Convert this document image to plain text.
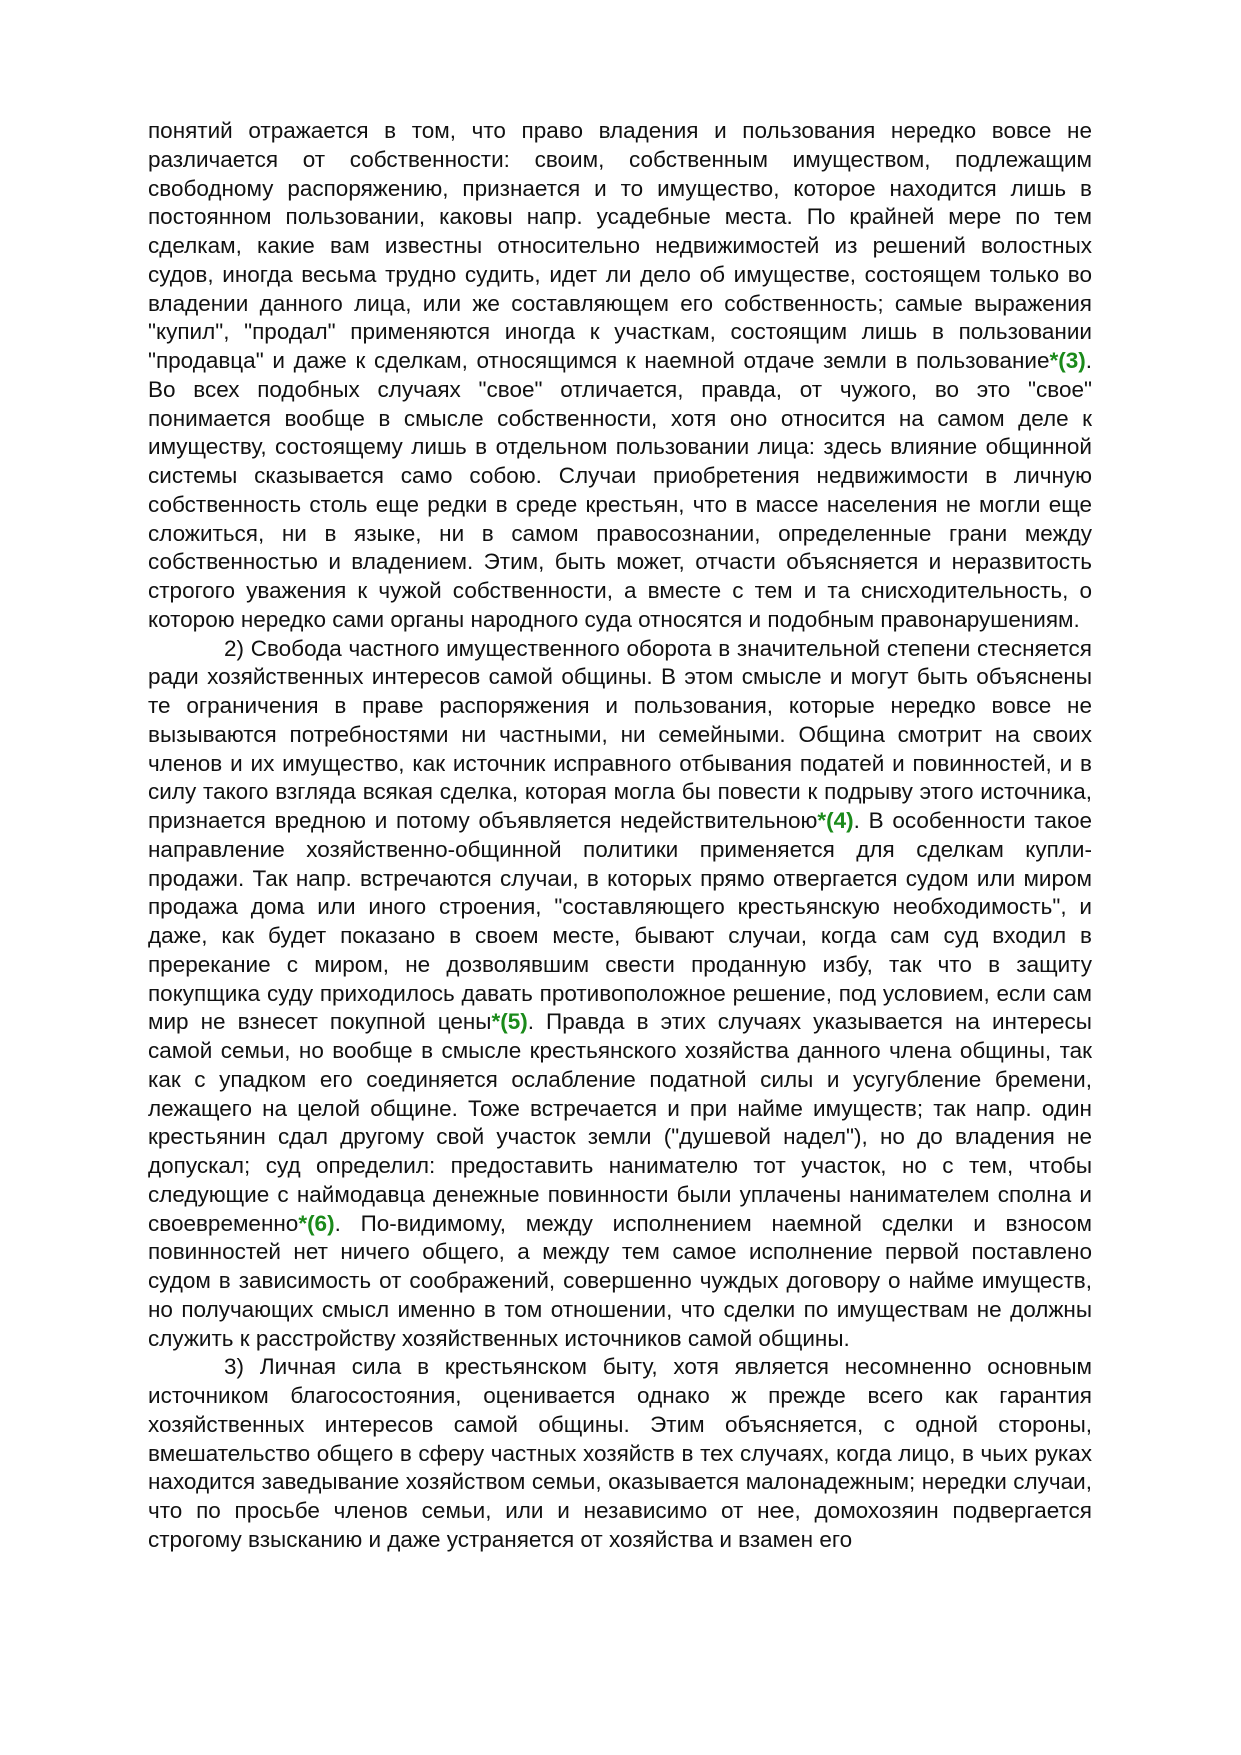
понятий отражается в том, что право владения и пользования нередко вовсе не различается от собственности: своим, собственным имуществом, подлежащим свободному распоряжению, признается и то имущество, которое находится лишь в постоянном пользовании, каковы напр. усадебные места. По крайней мере по тем сделкам, какие вам известны относительно недвижимостей из решений волостных судов, иногда весьма трудно судить, идет ли дело об имуществе, состоящем только во владении данного лица, или же составляющем его собственность; самые выражения "купил", "продал" применяются иногда к участкам, состоящим лишь в пользовании "продавца" и даже к сделкам, относящимся к наемной отдаче земли в пользование*(3). Во всех подобных случаях "свое" отличается, правда, от чужого, во это "свое" понимается вообще в смысле собственности, хотя оно относится на самом деле к имуществу, состоящему лишь в отдельном пользовании лица: здесь влияние общинной системы сказывается само собою. Случаи приобретения недвижимости в личную собственность столь еще редки в среде крестьян, что в массе населения не могли еще сложиться, ни в языке, ни в самом правосознании, определенные грани между собственностью и владением. Этим, быть может, отчасти объясняется и неразвитость строгого уважения к чужой собственности, а вместе с тем и та снисходительность, о которою нередко сами органы народного суда относятся и подобным правонарушениям.

2) Свобода частного имущественного оборота в значительной степени стесняется ради хозяйственных интересов самой общины. В этом смысле и могут быть объяснены те ограничения в праве распоряжения и пользования, которые нередко вовсе не вызываются потребностями ни частными, ни семейными. Община смотрит на своих членов и их имущество, как источник исправного отбывания податей и повинностей, и в силу такого взгляда всякая сделка, которая могла бы повести к подрыву этого источника, признается вредною и потому объявляется недействительною*(4). В особенности такое направление хозяйственно-общинной политики применяется для сделкам купли-продажи. Так напр. встречаются случаи, в которых прямо отвергается судом или миром продажа дома или иного строения, "составляющего крестьянскую необходимость", и даже, как будет показано в своем месте, бывают случаи, когда сам суд входил в пререкание с миром, не дозволявшим свести проданную избу, так что в защиту покупщика суду приходилось давать противоположное решение, под условием, если сам мир не взнесет покупной цены*(5). Правда в этих случаях указывается на интересы самой семьи, но вообще в смысле крестьянского хозяйства данного члена общины, так как с упадком его соединяется ослабление податной силы и усугубление бремени, лежащего на целой общине. Тоже встречается и при найме имуществ; так напр. один крестьянин сдал другому свой участок земли ("душевой надел"), но до владения не допускал; суд определил: предоставить нанимателю тот участок, но с тем, чтобы следующие с наймодавца денежные повинности были уплачены нанимателем сполна и своевременно*(6). По-видимому, между исполнением наемной сделки и взносом повинностей нет ничего общего, а между тем самое исполнение первой поставлено судом в зависимость от соображений, совершенно чуждых договору о найме имуществ, но получающих смысл именно в том отношении, что сделки по имуществам не должны служить к расстройству хозяйственных источников самой общины.

3) Личная сила в крестьянском быту, хотя является несомненно основным источником благосостояния, оценивается однако ж прежде всего как гарантия хозяйственных интересов самой общины. Этим объясняется, с одной стороны, вмешательство общего в сферу частных хозяйств в тех случаях, когда лицо, в чьих руках находится заведывание хозяйством семьи, оказывается малонадежным; нередки случаи, что по просьбе членов семьи, или и независимо от нее, домохозяин подвергается строгому взысканию и даже устраняется от хозяйства и взамен его
